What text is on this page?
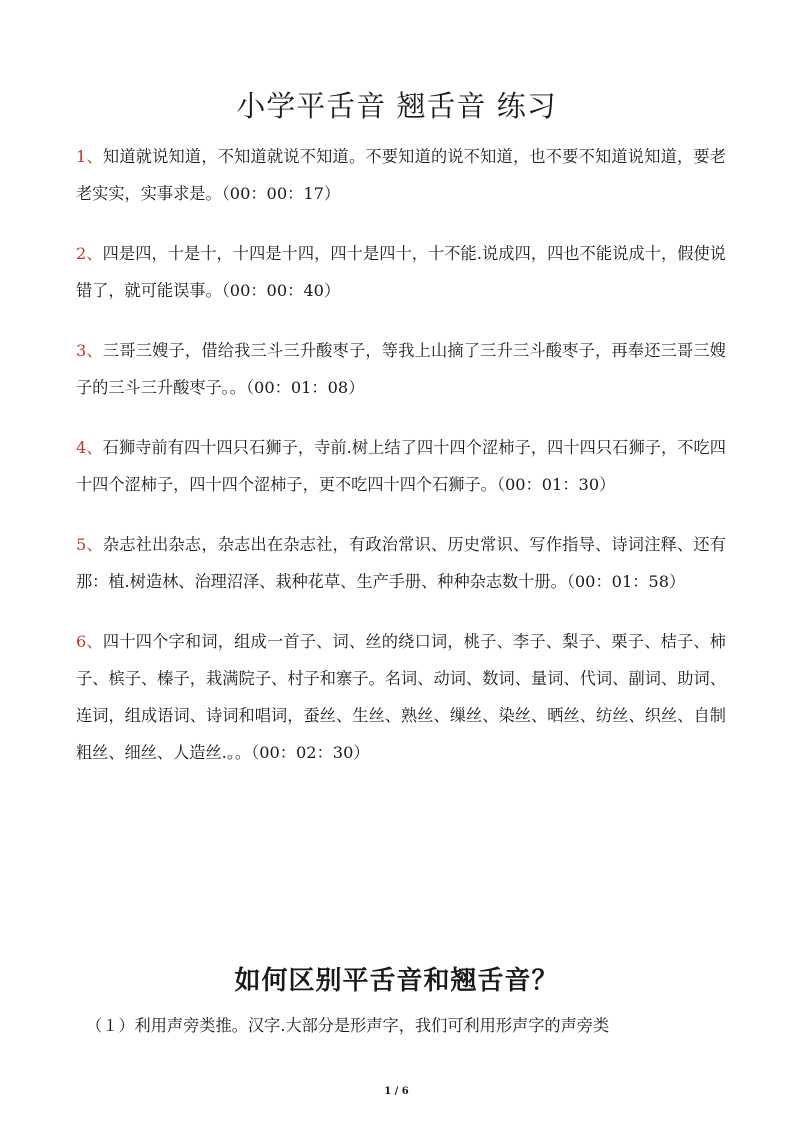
小学平舌音 翘舌音 练习

1、知道就说知道，不知道就说不知道。不要知道的说不知道，也不要不知道说知道，要老老实实，实事求是。（00：00：17）

2、四是四，十是十，十四是十四，四十是四十，十不能.说成四，四也不能说成十，假使说错了，就可能误事。（00：00：40）

3、三哥三嫂子，借给我三斗三升酸枣子，等我上山摘了三升三斗酸枣子，再奉还三哥三嫂子的三斗三升酸枣子。。（00：01：08）

4、石狮寺前有四十四只石狮子，寺前.树上结了四十四个涩柿子，四十四只石狮子，不吃四十四个涩柿子，四十四个涩柿子，更不吃四十四个石狮子。（00：01：30）

5、杂志社出杂志，杂志出在杂志社，有政治常识、历史常识、写作指导、诗词注释、还有那：植.树造林、治理沼泽、栽种花草、生产手册、种种杂志数十册。（00：01：58）

6、四十四个字和词，组成一首子、词、丝的绕口词，桃子、李子、梨子、栗子、桔子、柿子、槟子、榛子，栽满院子、村子和寨子。名词、动词、数词、量词、代词、副词、助词、连词，组成语词、诗词和唱词，蚕丝、生丝、熟丝、缫丝、染丝、晒丝、纺丝、织丝、自制粗丝、细丝、人造丝.。。（00：02：30）

如何区别平舌音和翘舌音？

（１）利用声旁类推。汉字.大部分是形声字，我们可利用形声字的声旁类

1 / 6
